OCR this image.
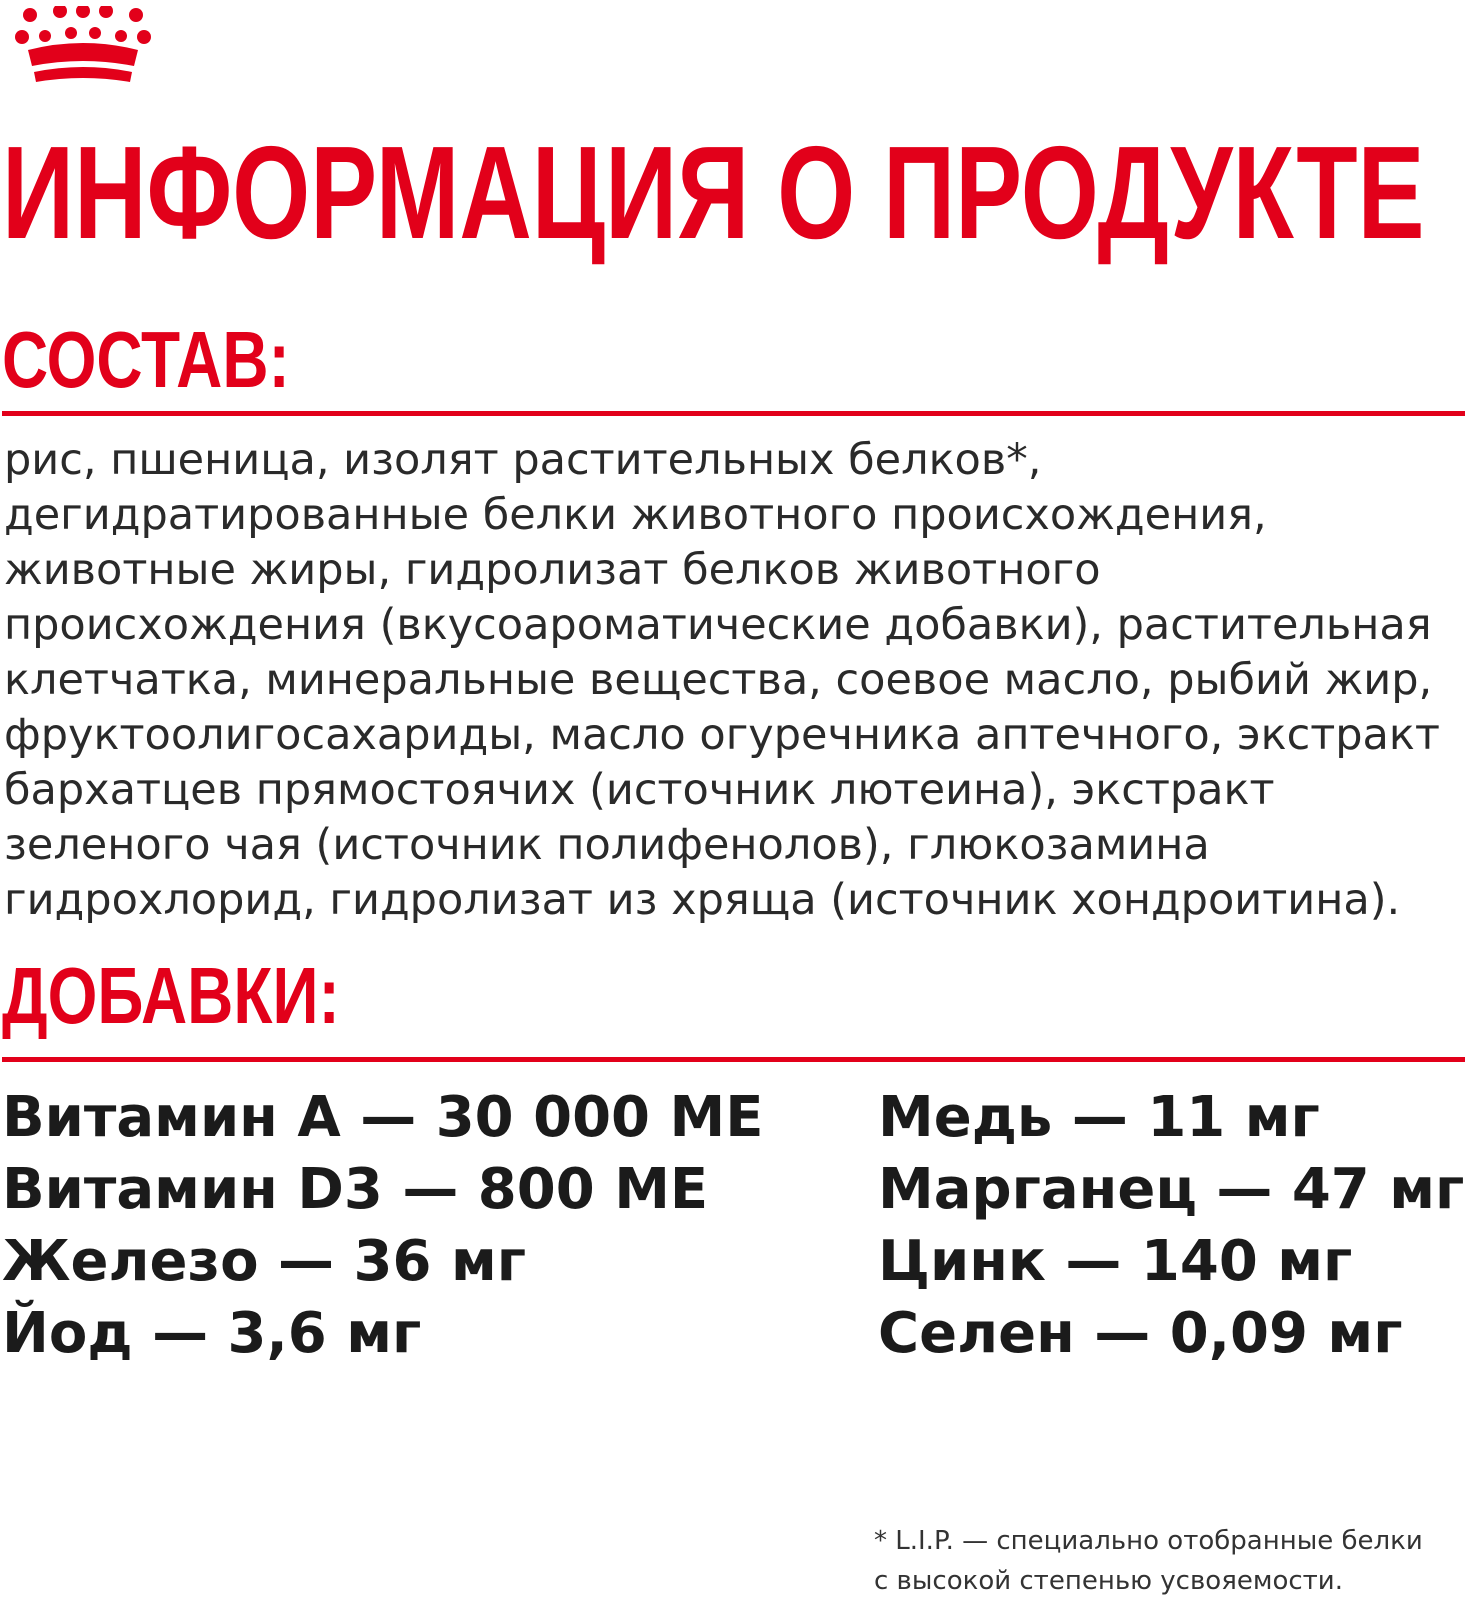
ИНФОРМАЦИЯ О ПРОДУКТЕ
СОСТАВ:

рис, пшеница, изолят растительных белков*,
дегидратированные белки животного происхождения,
животные жиры, гидролизат белков животного
происхождения (вкусоароматические добавки), растительная
клетчатка, минеральные вещества, соевое масло, рыбий жир,
фруктоолигосахариды, масло огуречника аптечного, экстракт
бархатцев прямостоячих (источник лютеина), экстракт
зеленого чая (источник полифенолов), глюкозамина
гидрохлорид, гидролизат из хряща (источник хондроитина).

ДОБАВКИ:
Витамин А — 30 000 МЕ
Витамин D3 — 800 МЕ
Железо — 36 мг
Йод — 3,6 мг
Медь — 11 мг
Марганец — 47 мг
Цинк — 140 мг
Селен — 0,09 мг

* L.I.P. — специально отобранные белки
с высокой степенью усвояемости.
